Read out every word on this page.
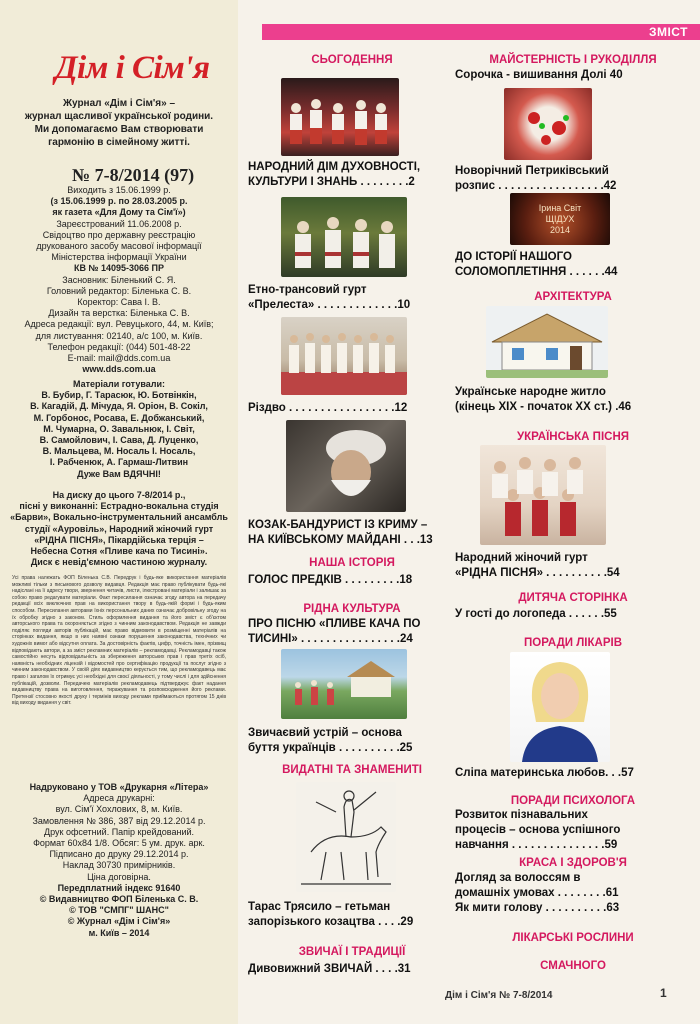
Дім і Сім'я
Журнал «Дім і Сім'я» –
журнал щасливої української родини.
Ми допомагаємо Вам створювати
гармонію в сімейному житті.
№ 7-8/2014 (97)
Виходить з 15.06.1999 р.
(з 15.06.1999 р. по 28.03.2005 р.
як газета «Для Дому та Сім'ї»)
Зареєстрований 11.06.2008 р.
Свідоцтво про державну реєстрацію
друкованого засобу масової інформації
Міністерства інформації України
КВ № 14095-3066 ПР
Засновник: Біленький С. Я.
Головний редактор: Біленька С. В.
Коректор: Сава І. В.
Дизайн та верстка: Біленька С. В.
Адреса редакції: вул. Ревуцького, 44, м. Київ;
для листування: 02140, а/с 100, м. Київ.
Телефон редакції: (044) 501-48-22
E-mail: mail@dds.com.ua
www.dds.com.ua
Матеріали готували:
В. Бубир, Г. Тарасюк, Ю. Ботвінкін,
В. Кагадій, Д. Мічуда, Я. Оріон, В. Сокіл,
М. Горбонос, Росава, Е. Добжанський,
М. Чумарна, О. Завальнюк, І. Світ,
В. Самойлович, І. Сава, Д. Луценко,
В. Мальцева, М. Носаль І. Носаль,
І. Рабченюк, А. Гармаш-Литвин
Дуже Вам ВДЯЧНІ!
На диску до цього 7-8/2014 р.,
пісні у виконанні: Естрадно-вокальна студія
«Барви», Вокально-інструментальний ансамбль
студії «Ауровіль», Народний жіночий гурт
«РІДНА ПІСНЯ», Пікардійська терція –
Небесна Сотня «Пливе кача по Тисині».
Диск є невід'ємною частиною журналу.
Усі права належать ФОП Біленька С.В. Передрук і будь-яке використання матеріалів можливі тільки з письмового дозволу видавця. Редакція має право публікувати будь-які надіслані на її адресу твори, звернення читачів, листи, ілюстровані матеріали і залишає за собою право редагувати матеріали. Факт пересилання означає згоду автора на передачу редакції всіх виключних прав на використання твору в будь-якій формі і будь-яким способом. Пересилання авторами їхніх персональних даних означає добровільну згоду на їх обробку згідно з законом. Стиль оформлення видання та його зміст є об'єктом авторського права та охороняється згідно з чинним законодавством. Редакція не завжди поділяє погляди авторів публікацій, має право відмовити в розміщенні матеріалів на сторінках видання, якщо в них наявні ознаки порушення законодавства, технічних чи художніх вимог або відсутня оплата. За достовірність фактів, цифр, точність імен, прізвищ відповідають автори, а за зміст рекламних матеріалів – рекламодавці. Рекламодавці також самостійно несуть відповідальність за збереження авторських прав і прав третіх осіб, наявність необхідних ліцензій і відомостей про сертифікацію продукції та послуг згідно з чинним законодавством. У своїй діях видавництво керується тим, що рекламодавець має право і загалом їх отримує усі необхідні для своєї діяльності, у тому числі і для здійснення публікацій, дозволи. Передачею матеріалів рекламодавець підтверджує факт надання видавництву права на виготовлення, тиражування та розповсюдження його реклами. Претензії стосовно якості друку і термінів виходу реклами приймаються протягом 15 днів від виходу видання у світ.
Надруковано у ТОВ «Друкарня «Літера»
Адреса друкарні:
вул. Сім'ї Хохлових, 8, м. Київ.
Замовлення № 386, 387 від 29.12.2014 р.
Друк офсетний. Папір крейдований.
Формат 60х84 1/8. Обсяг: 5 ум. друк. арк.
Підписано до друку 29.12.2014 р.
Наклад 30730 примірників.
Ціна договірна.
Передплатний індекс 91640
© Видавництво ФОП Біленька С. В.
© ТОВ "СМПГ" ШАНС"
© Журнал «Дім і Сім'я»
м. Київ – 2014
ЗМІСТ
СЬОГОДЕННЯ
НАРОДНИЙ ДІМ ДУХОВНОСТІ,
КУЛЬТУРИ І ЗНАНЬ . . . . . . . .2
Етно-трансовий гурт
«Прелеста» . . . . . . . . . . . . .10
Різдво . . . . . . . . . . . . . . . . .12
КОЗАК-БАНДУРИСТ ІЗ КРИМУ –
НА КИЇВСЬКОМУ МАЙДАНІ . . .13
НАША ІСТОРІЯ
ГОЛОС ПРЕДКІВ . . . . . . . . .18
РІДНА КУЛЬТУРА
ПРО ПІСНЮ «ПЛИВЕ КАЧА ПО
ТИСИНІ» . . . . . . . . . . . . . . . .24
Звичаєвий устрій – основа
буття українців . . . . . . . . . .25
ВИДАТНІ ТА ЗНАМЕНИТІ
Тарас Трясило – гетьман
запорізького козацтва . . . .29
ЗВИЧАЇ І ТРАДИЦІЇ
Дивовижний ЗВИЧАЙ . . . .31
МАЙСТЕРНІСТЬ І РУКОДІЛЛЯ
Сорочка - вишивання Долі 40
Новорічний Петриківський
розпис . . . . . . . . . . . . . . . . .42
Ірина Світ
ЩІДУХ
2014
ДО ІСТОРІЇ НАШОГО
СОЛОМОПЛЕТІННЯ . . . . . .44
АРХІТЕКТУРА
Українське народне житло
(кінець XIX - початок XX ст.) .46
УКРАЇНСЬКА ПІСНЯ
Народний жіночий гурт
«РІДНА ПІСНЯ» . . . . . . . . . .54
ДИТЯЧА СТОРІНКА
У гості до логопеда . . . . . .55
ПОРАДИ ЛІКАРІВ
Сліпа материнська любов. . .57
ПОРАДИ ПСИХОЛОГА
Розвиток пізнавальних
процесів – основа успішного
навчання . . . . . . . . . . . . . . .59
КРАСА І ЗДОРОВ'Я
Догляд за волоссям в
домашніх умовах . . . . . . . .61
Як мити голову . . . . . . . . . .63
ЛІКАРСЬКІ РОСЛИНИ
СМАЧНОГО
Дім і Сім'я № 7-8/2014	1
